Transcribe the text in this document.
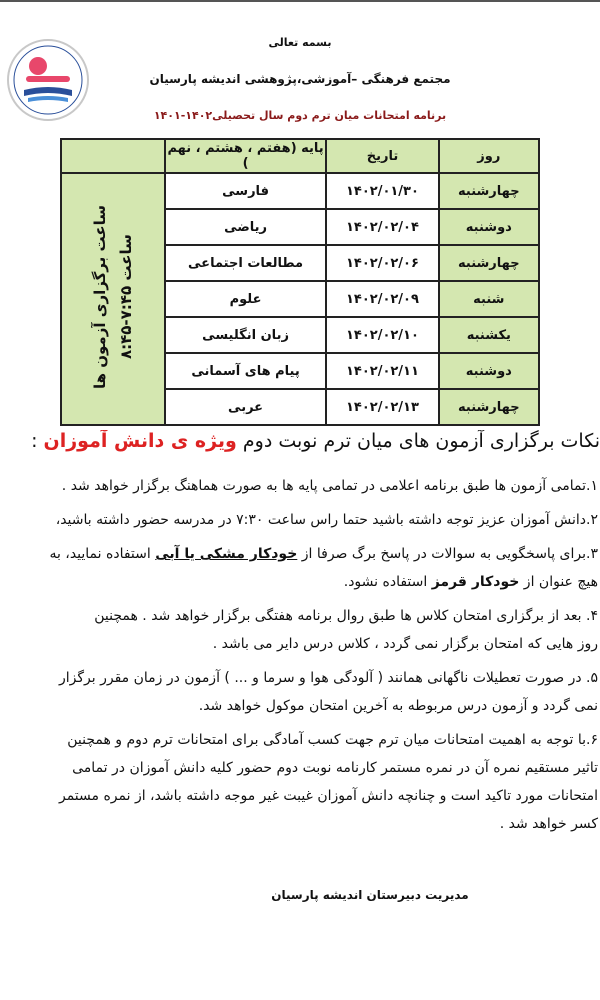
بسمه تعالی
مجتمع فرهنگی –آموزشی،پژوهشی اندیشه پارسیان
برنامه امتحانات میان ترم دوم سال تحصیلی۱۴۰۲-۱۴۰۱
روز	تاریخ	پایه (هفتم ، هشتم ، نهم )	
چهارشنبه	۱۴۰۲/۰۱/۳۰	فارسی	ساعت برگزاری آزمون ها ساعت ۷:۴۵-۸:۴۵
دوشنبه	۱۴۰۲/۰۲/۰۴	ریاضی	
چهارشنبه	۱۴۰۲/۰۲/۰۶	مطالعات اجتماعی	
شنبه	۱۴۰۲/۰۲/۰۹	علوم	
یکشنبه	۱۴۰۲/۰۲/۱۰	زبان انگلیسی	
دوشنبه	۱۴۰۲/۰۲/۱۱	پیام های آسمانی	
چهارشنبه	۱۴۰۲/۰۲/۱۳	عربی	
نکات برگزاری آزمون های میان ترم نوبت دوم ویژه ی دانش آموزان :
۱.تمامی آزمون ها طبق برنامه اعلامی در تمامی پایه ها به صورت هماهنگ برگزار خواهد شد .
۲.دانش آموزان عزیز توجه داشته باشید حتما راس ساعت ۷:۳۰ در مدرسه حضور داشته باشید،
۳.برای پاسخگویی به سوالات در پاسخ برگ صرفا از خودکار مشکی یا آبی استفاده نمایید، به
هیچ عنوان از خودکار قرمز استفاده نشود.
۴. بعد از برگزاری امتحان کلاس ها طبق روال برنامه هفتگی برگزار خواهد شد . همچنین
روز هایی که امتحان برگزار نمی گردد ، کلاس درس دایر می باشد .
۵. در صورت تعطیلات ناگهانی همانند ( آلودگی هوا و سرما و ... ) آزمون در زمان مقرر برگزار
نمی گردد و آزمون درس مربوطه به آخرین امتحان موکول خواهد شد.
۶.با توجه به اهمیت امتحانات میان ترم جهت کسب آمادگی برای امتحانات ترم دوم و همچنین
تاثیر مستقیم نمره آن در نمره مستمر کارنامه نوبت دوم حضور کلیه دانش آموزان در تمامی
امتحانات مورد تاکید است و چنانچه دانش آموزان غیبت غیر موجه داشته باشد، از نمره مستمر
کسر خواهد شد .
مدیریت دبیرستان اندیشه پارسیان
